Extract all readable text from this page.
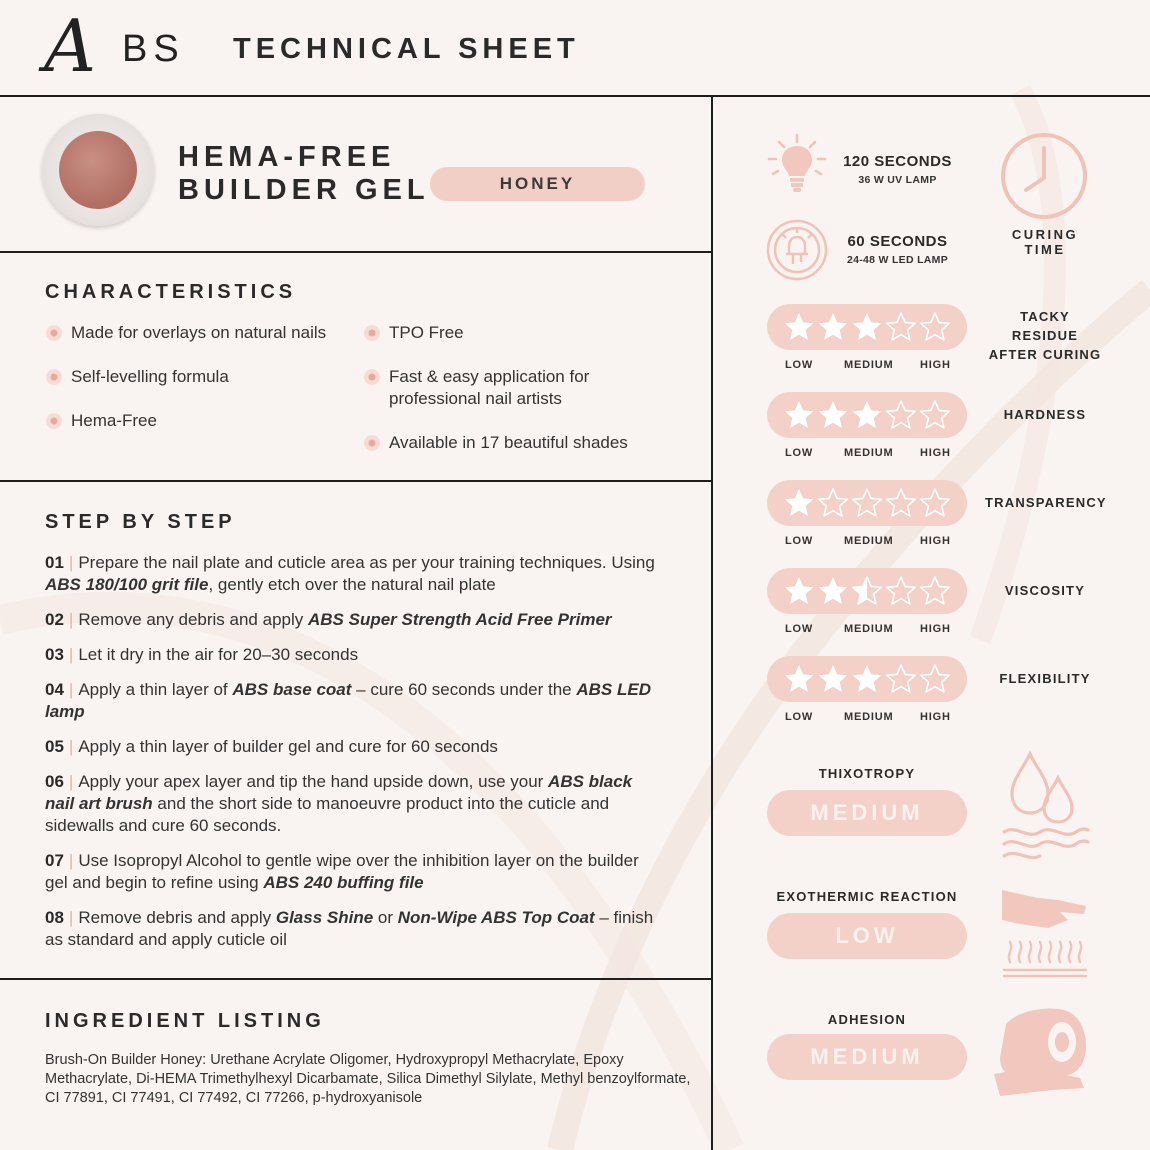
A BS TECHNICAL SHEET
HEMA-FREE
BUILDER GEL	HONEY
CHARACTERISTICS
Made for overlays on natural nails
Self-levelling formula
Hema-Free
TPO Free
Fast & easy application for professional nail artists
Available in 17 beautiful shades
STEP BY STEP
01 | Prepare the nail plate and cuticle area as per your training techniques. Using ABS 180/100 grit file, gently etch over the natural nail plate
02 | Remove any debris and apply ABS Super Strength Acid Free Primer
03 | Let it dry in the air for 20–30 seconds
04 | Apply a thin layer of ABS base coat – cure 60 seconds under the ABS LED lamp
05 | Apply a thin layer of builder gel and cure for 60 seconds
06 | Apply your apex layer and tip the hand upside down, use your ABS black nail art brush and the short side to manoeuvre product into the cuticle and sidewalls and cure 60 seconds.
07 | Use Isopropyl Alcohol to gentle wipe over the inhibition layer on the builder gel and begin to refine using ABS 240 buffing file
08 | Remove debris and apply Glass Shine or Non-Wipe ABS Top Coat – finish as standard and apply cuticle oil
INGREDIENT LISTING
Brush-On Builder Honey: Urethane Acrylate Oligomer, Hydroxypropyl Methacrylate, Epoxy Methacrylate, Di-HEMA Trimethylhexyl Dicarbamate, Silica Dimethyl Silylate, Methyl benzoylformate, CI 77891, CI 77491, CI 77492, CI 77266, p-hydroxyanisole
120 SECONDS
36 W UV LAMP
60 SECONDS
24-48 W LED LAMP
CURING
TIME
LOW	MEDIUM HIGH
TACKY RESIDUE
AFTER CURING
LOW	MEDIUM HIGH
HARDNESS
LOW	MEDIUM HIGH
TRANSPARENCY
LOW	MEDIUM HIGH
VISCOSITY
LOW	MEDIUM HIGH
FLEXIBILITY
THIXOTROPY
MEDIUM
EXOTHERMIC REACTION
LOW
ADHESION
MEDIUM
